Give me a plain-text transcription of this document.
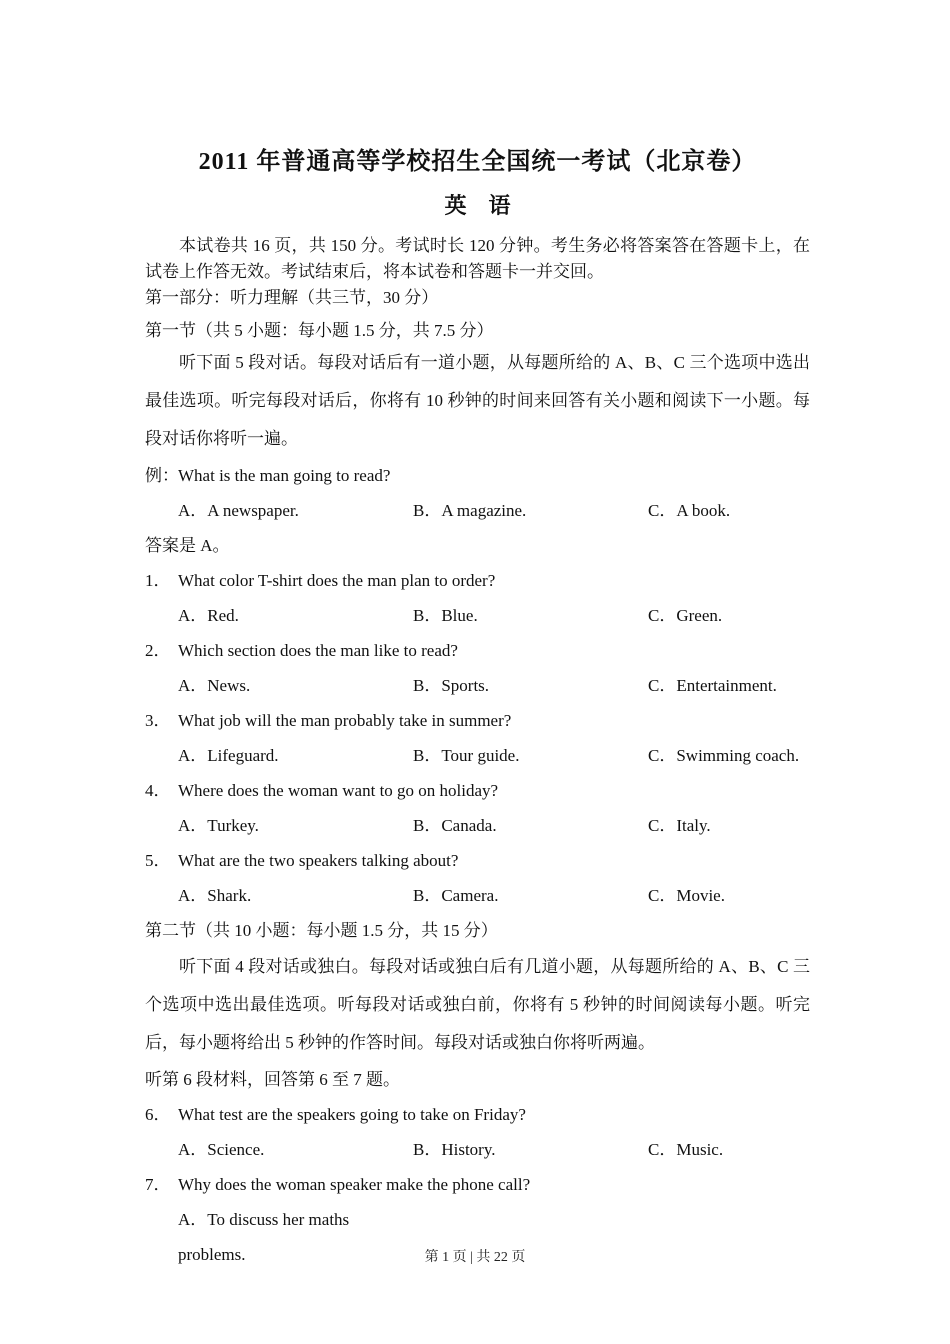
2011 年普通高等学校招生全国统一考试（北京卷）
英　语
本试卷共 16 页，共 150 分。考试时长 120 分钟。考生务必将答案答在答题卡上，在试卷上作答无效。考试结束后，将本试卷和答题卡一并交回。
第一部分：听力理解（共三节，30 分）
第一节（共 5 小题：每小题 1.5 分，共 7.5 分）
听下面 5 段对话。每段对话后有一道小题，从每题所给的 A、B、C 三个选项中选出最佳选项。听完每段对话后，你将有 10 秒钟的时间来回答有关小题和阅读下一小题。每段对话你将听一遍。
例： What is the man going to read?
A．A newspaper.	B．A magazine.	C．A book.
答案是 A。
1． What color T-shirt does the man plan to order?
A．Red.	B．Blue.	C．Green.
2． Which section does the man like to read?
A．News.	B．Sports.	C．Entertainment.
3． What job will the man probably take in summer?
A．Lifeguard.	B．Tour guide.	C．Swimming coach.
4． Where does the woman want to go on holiday?
A．Turkey.	B．Canada.	C．Italy.
5． What are the two speakers talking about?
A．Shark.	B．Camera.	C．Movie.
第二节（共 10 小题：每小题 1.5 分，共 15 分）
听下面 4 段对话或独白。每段对话或独白后有几道小题，从每题所给的 A、B、C 三个选项中选出最佳选项。听每段对话或独白前，你将有 5 秒钟的时间阅读每小题。听完后，每小题将给出 5 秒钟的作答时间。每段对话或独白你将听两遍。
听第 6 段材料，回答第 6 至 7 题。
6． What test are the speakers going to take on Friday?
A．Science.	B．History.	C．Music.
7． Why does the woman speaker make the phone call?
A．To discuss her maths problems.	第 1 页 | 共 22 页
